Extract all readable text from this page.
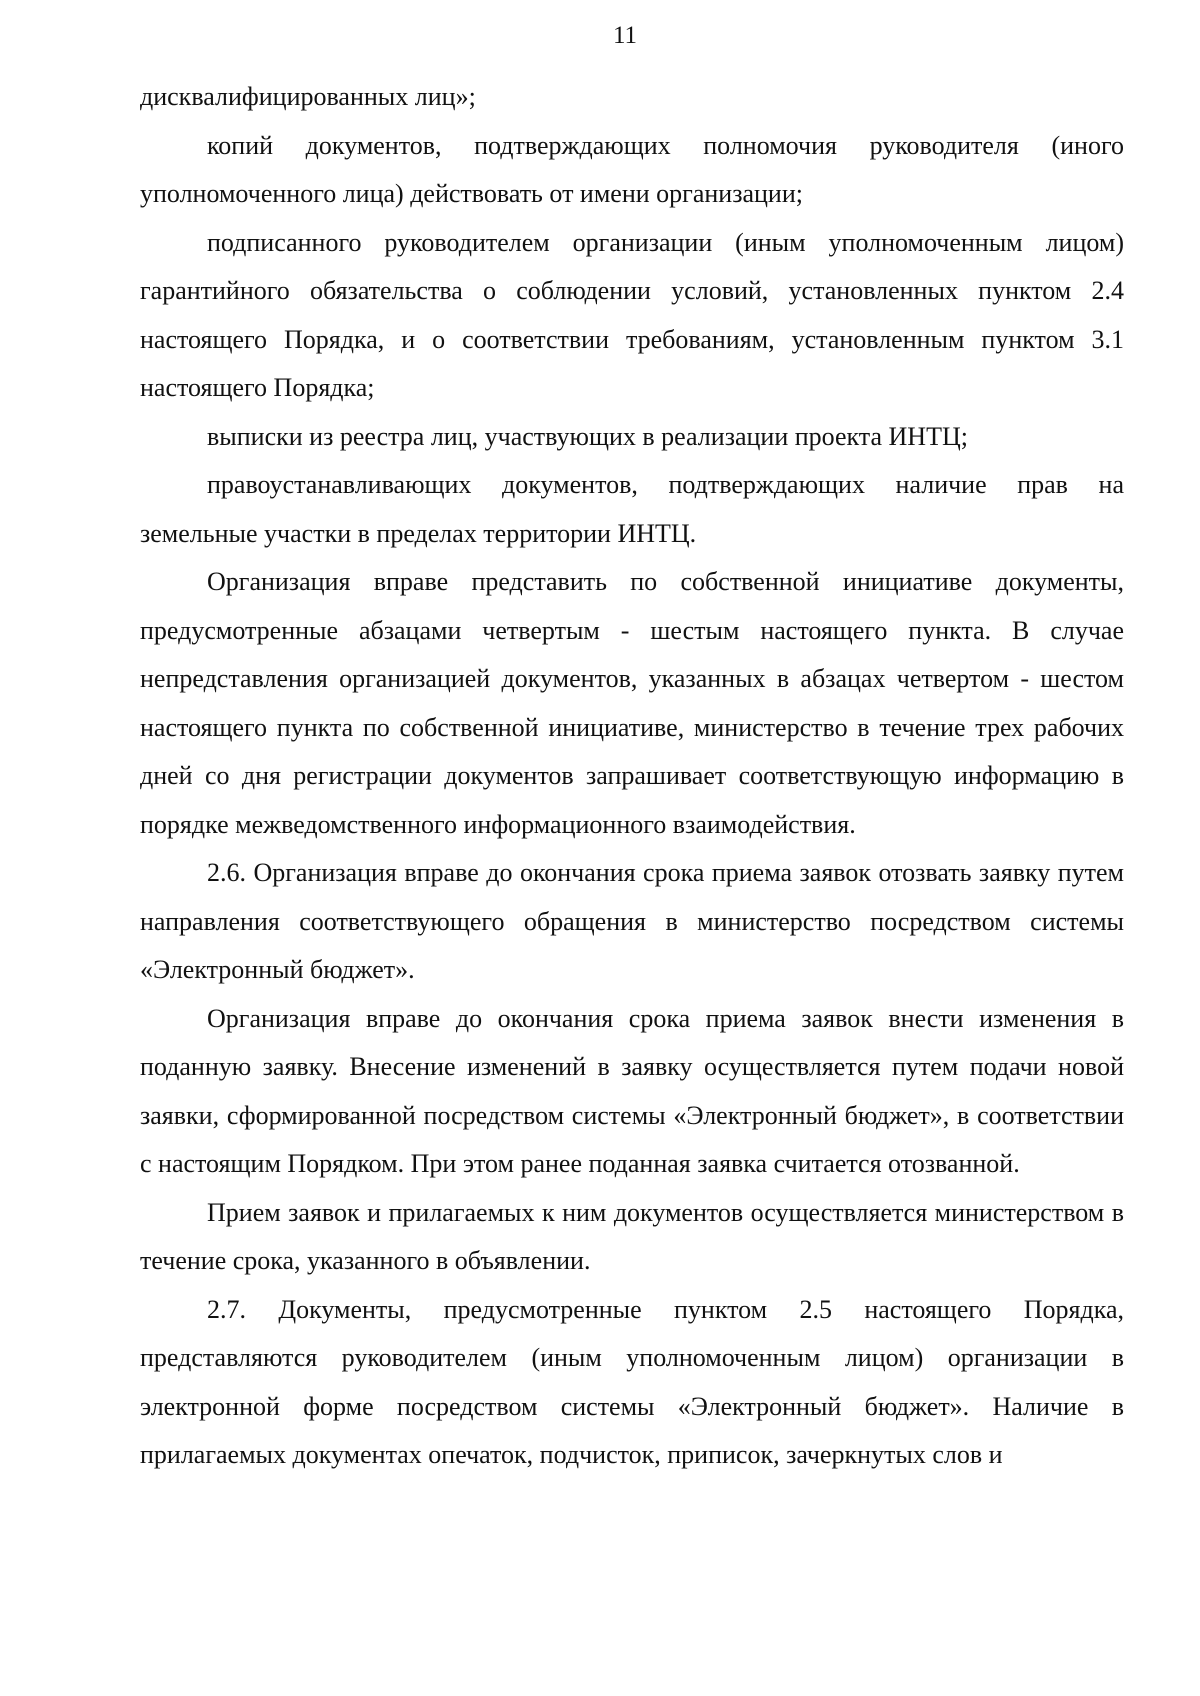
11

дисквалифицированных лиц»;

копий документов, подтверждающих полномочия руководителя (иного уполномоченного лица) действовать от имени организации;

подписанного руководителем организации (иным уполномоченным лицом) гарантийного обязательства о соблюдении условий, установленных пунктом 2.4 настоящего Порядка, и о соответствии требованиям, установленным пунктом 3.1 настоящего Порядка;

выписки из реестра лиц, участвующих в реализации проекта ИНТЦ;

правоустанавливающих документов, подтверждающих наличие прав на земельные участки в пределах территории ИНТЦ.

Организация вправе представить по собственной инициативе документы, предусмотренные абзацами четвертым - шестым настоящего пункта. В случае непредставления организацией документов, указанных в абзацах четвертом - шестом настоящего пункта по собственной инициативе, министерство в течение трех рабочих дней со дня регистрации документов запрашивает соответствующую информацию в порядке межведомственного информационного взаимодействия.

2.6. Организация вправе до окончания срока приема заявок отозвать заявку путем направления соответствующего обращения в министерство посредством системы «Электронный бюджет».

Организация вправе до окончания срока приема заявок внести изменения в поданную заявку. Внесение изменений в заявку осуществляется путем подачи новой заявки, сформированной посредством системы «Электронный бюджет», в соответствии с настоящим Порядком. При этом ранее поданная заявка считается отозванной.

Прием заявок и прилагаемых к ним документов осуществляется министерством в течение срока, указанного в объявлении.

2.7. Документы, предусмотренные пунктом 2.5 настоящего Порядка, представляются руководителем (иным уполномоченным лицом) организации в электронной форме посредством системы «Электронный бюджет». Наличие в прилагаемых документах опечаток, подчисток, приписок, зачеркнутых слов и
